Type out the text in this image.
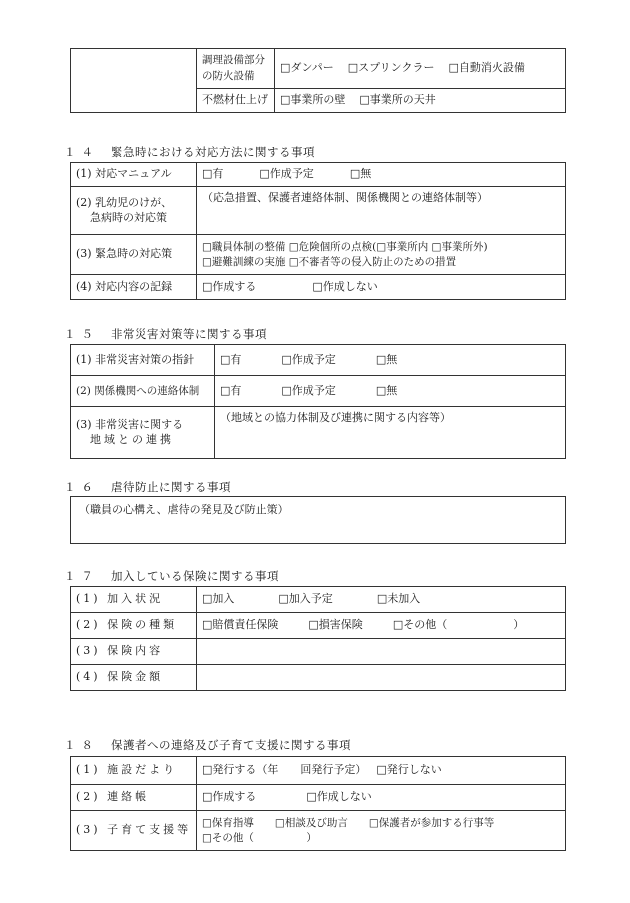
	調理設備部分の防火設備	□ダンパー □スプリンクラー □自動消火設備
	不燃材仕上げ	□事業所の壁 □事業所の天井
１４　 緊急時における対応方法に関する事項
(1) 対応マニュアル	□有 □作成予定 □無

(2) 乳幼児のけが、
急病時の対応策	（応急措置、保護者連絡体制、関係機関との連絡体制等）
(3) 緊急時の対応策	□職員体制の整備 □危険個所の点検(□事業所内 □事業所外)
□避難訓練の実施 □不審者等の侵入防止のための措置

(4) 対応内容の記録	□作成する □作成しない
１５　 非常災害対策等に関する事項
(1) 非常災害対策の指針	□有 □作成予定 □無
(2) 関係機関への連絡体制	□有 □作成予定 □無

(3) 非常災害に関する
地域との連携	（地域との協力体制及び連携に関する内容等）
１６　 虐待防止に関する事項
（職員の心構え、虐待の発見及び防止策）
１７　 加入している保険に関する事項
(1) 加入状況	□加入 □加入予定 □未加入
(2) 保険の種類	□賠償責任保険 □損害保険 □その他（　　　　　　）
(3) 保険内容	
(4) 保険金額	
１８　 保護者への連絡及び子育て支援に関する事項
(1) 施設だより	□発行する（年　　回発行予定） □発行しない
(2) 連絡帳	□作成する □作成しない
(3) 子育て支援等	□保育指導　　□相談及び助言　　□保護者が参加する行事等
□その他（　　　　　）
